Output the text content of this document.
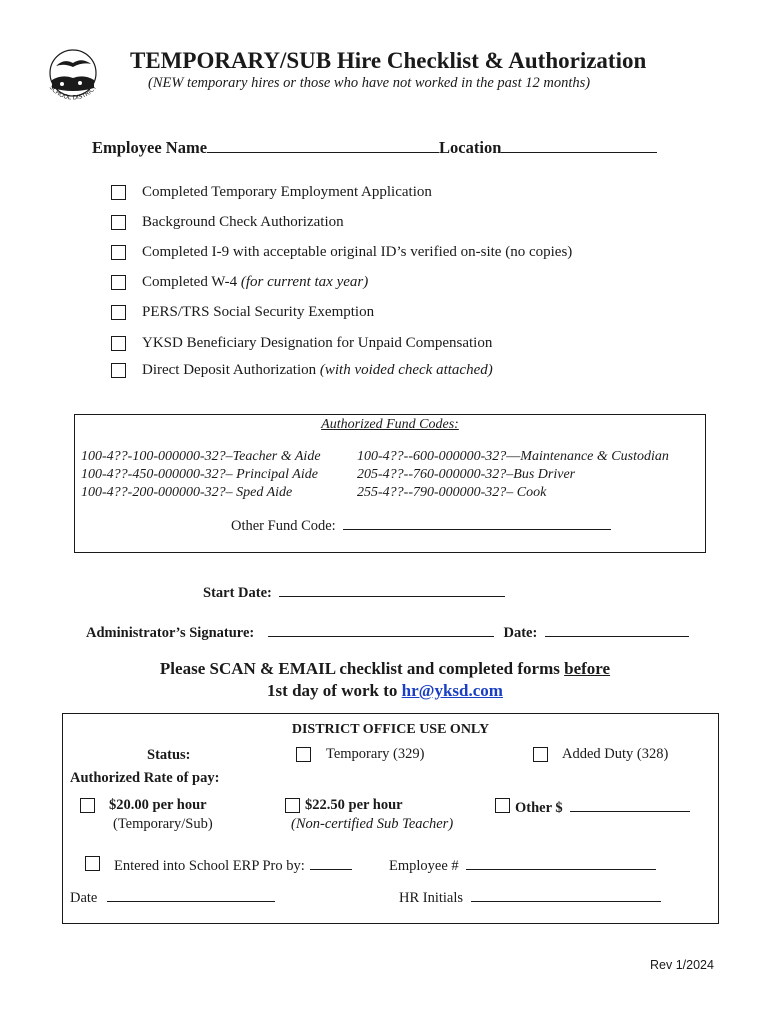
SCHOOL DISTRICT
TEMPORARY/SUB Hire Checklist & Authorization
(NEW temporary hires or those who have not worked in the past 12 months)
Employee Name	Location
Completed Temporary Employment Application
Background Check Authorization
Completed I-9 with acceptable original ID’s verified on-site (no copies)
Completed W-4 (for current tax year)
PERS/TRS Social Security Exemption
YKSD Beneficiary Designation for Unpaid Compensation
Direct Deposit Authorization (with voided check attached)
Authorized Fund Codes:
100-4??-100-000000-32?–Teacher & Aide
100-4??-450-000000-32?– Principal Aide
100-4??-200-000000-32?– Sped Aide
100-4??--600-000000-32?––Maintenance & Custodian
205-4??--760-000000-32?–Bus Driver
255-4??--790-000000-32?– Cook
Other Fund Code:
Start Date:
Administrator’s Signature:	Date:
Please SCAN & EMAIL checklist and completed forms before
1st day of work to hr@yksd.com
DISTRICT OFFICE USE ONLY
Status:	Temporary (329)	Added Duty (328)
Authorized Rate of pay:
$20.00 per hour
(Temporary/Sub)
$22.50 per hour
(Non-certified Sub Teacher)
Other $
Entered into School ERP Pro by:	Employee #
Date	HR Initials
Rev 1/2024
